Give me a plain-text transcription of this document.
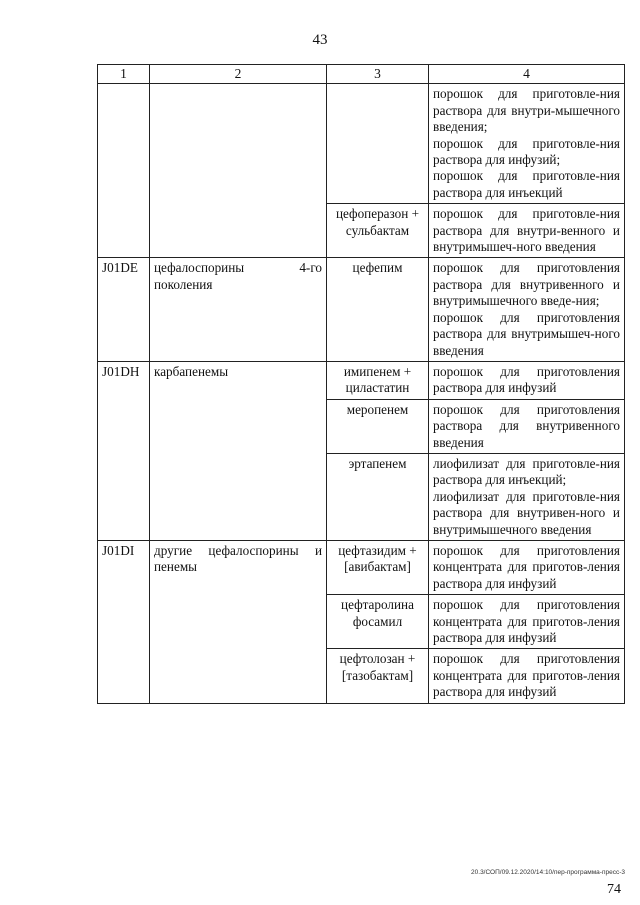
43
1	2	3	4

			порошок для приготовле-ния раствора для внутри-мышечного введения;
порошок для приготовле-ния раствора для инфузий;
порошок для приготовле-ния раствора для инъекций

		цефоперазон + сульбактам	порошок для приготовле-ния раствора для внутри-венного и внутримышеч-ного введения

J01DE	цефалоспорины 4-го поколения	цефепим	порошок для приготовления раствора для внутривенного и внутримышечного введе-ния;
порошок для приготовления раствора для внутримышеч-ного введения

J01DH	карбапенемы	имипенем + циластатин	порошок для приготовления раствора для инфузий

		меропенем	порошок для приготовления раствора для внутривенного введения

		эртапенем	лиофилизат для приготовле-ния раствора для инъекций;
лиофилизат для приготовле-ния раствора для внутривен-ного и внутримышечного введения

J01DI	другие цефалоспорины и пенемы	цефтазидим + [авибактам]	порошок для приготовления концентрата для приготов-ления раствора для инфузий

		цефтаролина фосамил	порошок для приготовления концентрата для приготов-ления раствора для инфузий

		цефтолозан + [тазобактам]	порошок для приготовления концентрата для приготов-ления раствора для инфузий
20.3/СОП/09.12.2020/14:10/пер-программа-пресс-3
74
